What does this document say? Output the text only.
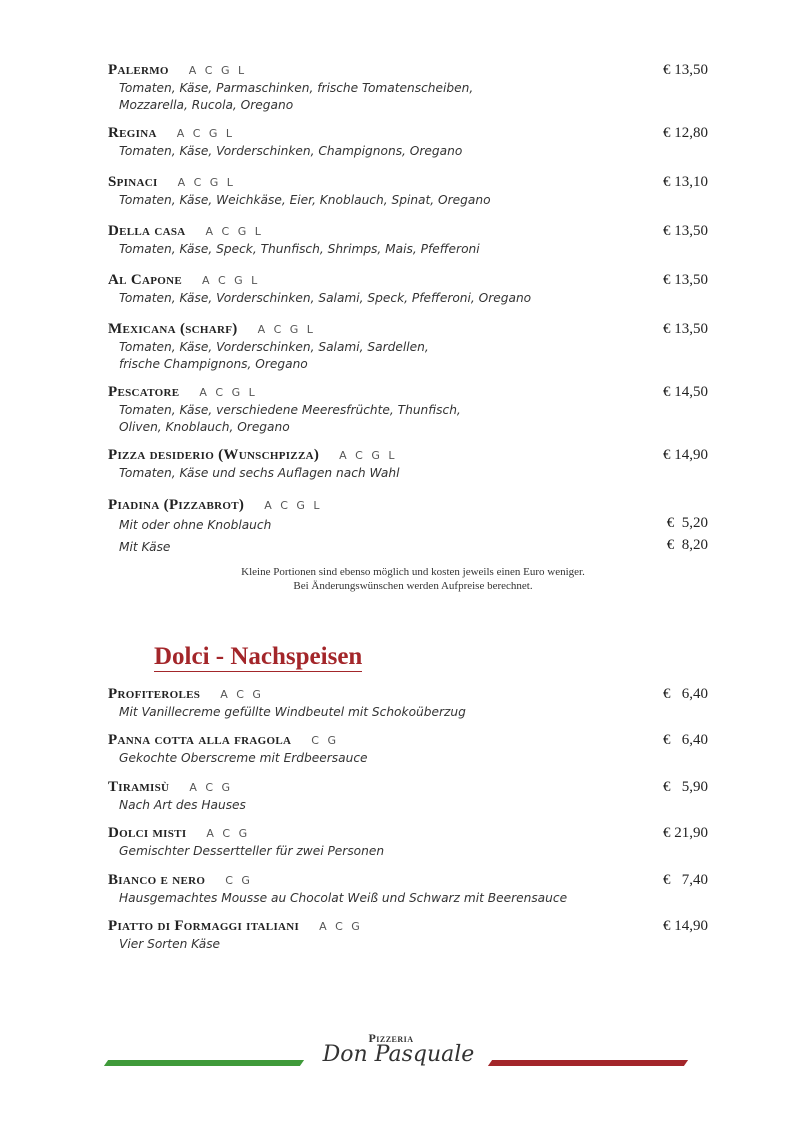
Palermo A C G L	€ 13,50
Tomaten, Käse, Parmaschinken, frische Tomatenscheiben,
Mozzarella, Rucola, Oregano
Regina A C G L	€ 12,80
Tomaten, Käse, Vorderschinken, Champignons, Oregano
Spinaci A C G L	€ 13,10
Tomaten, Käse, Weichkäse, Eier, Knoblauch, Spinat, Oregano
Della casa A C G L	€ 13,50
Tomaten, Käse, Speck, Thunfisch, Shrimps, Mais, Pfefferoni
Al Capone A C G L	€ 13,50
Tomaten, Käse, Vorderschinken, Salami, Speck, Pfefferoni, Oregano
Mexicana (scharf) A C G L	€ 13,50
Tomaten, Käse, Vorderschinken, Salami, Sardellen,
frische Champignons, Oregano
Pescatore A C G L	€ 14,50
Tomaten, Käse, verschiedene Meeresfrüchte, Thunfisch,
Oliven, Knoblauch, Oregano
Pizza desiderio (Wunschpizza) A C G L	€ 14,90
Tomaten, Käse und sechs Auflagen nach Wahl
Piadina (Pizzabrot) A C G L
Mit oder ohne Knoblauch	€  5,20
Mit Käse	€  8,20
Kleine Portionen sind ebenso möglich und kosten jeweils einen Euro weniger.
Bei Änderungswünschen werden Aufpreise berechnet.
Dolci - Nachspeisen
Profiteroles A C G	€   6,40
Mit Vanillecreme gefüllte Windbeutel mit Schokoüberzug
Panna cotta alla fragola C G	€   6,40
Gekochte Oberscreme mit Erdbeersauce
Tiramisù A C G	€   5,90
Nach Art des Hauses
Dolci misti A C G	€ 21,90
Gemischter Dessertteller für zwei Personen
Bianco e nero C G	€   7,40
Hausgemachtes Mousse au Chocolat Weiß und Schwarz mit Beerensauce
Piatto di Formaggi italiani A C G	€ 14,90
Vier Sorten Käse
Pizzeria
Don Pasquale
